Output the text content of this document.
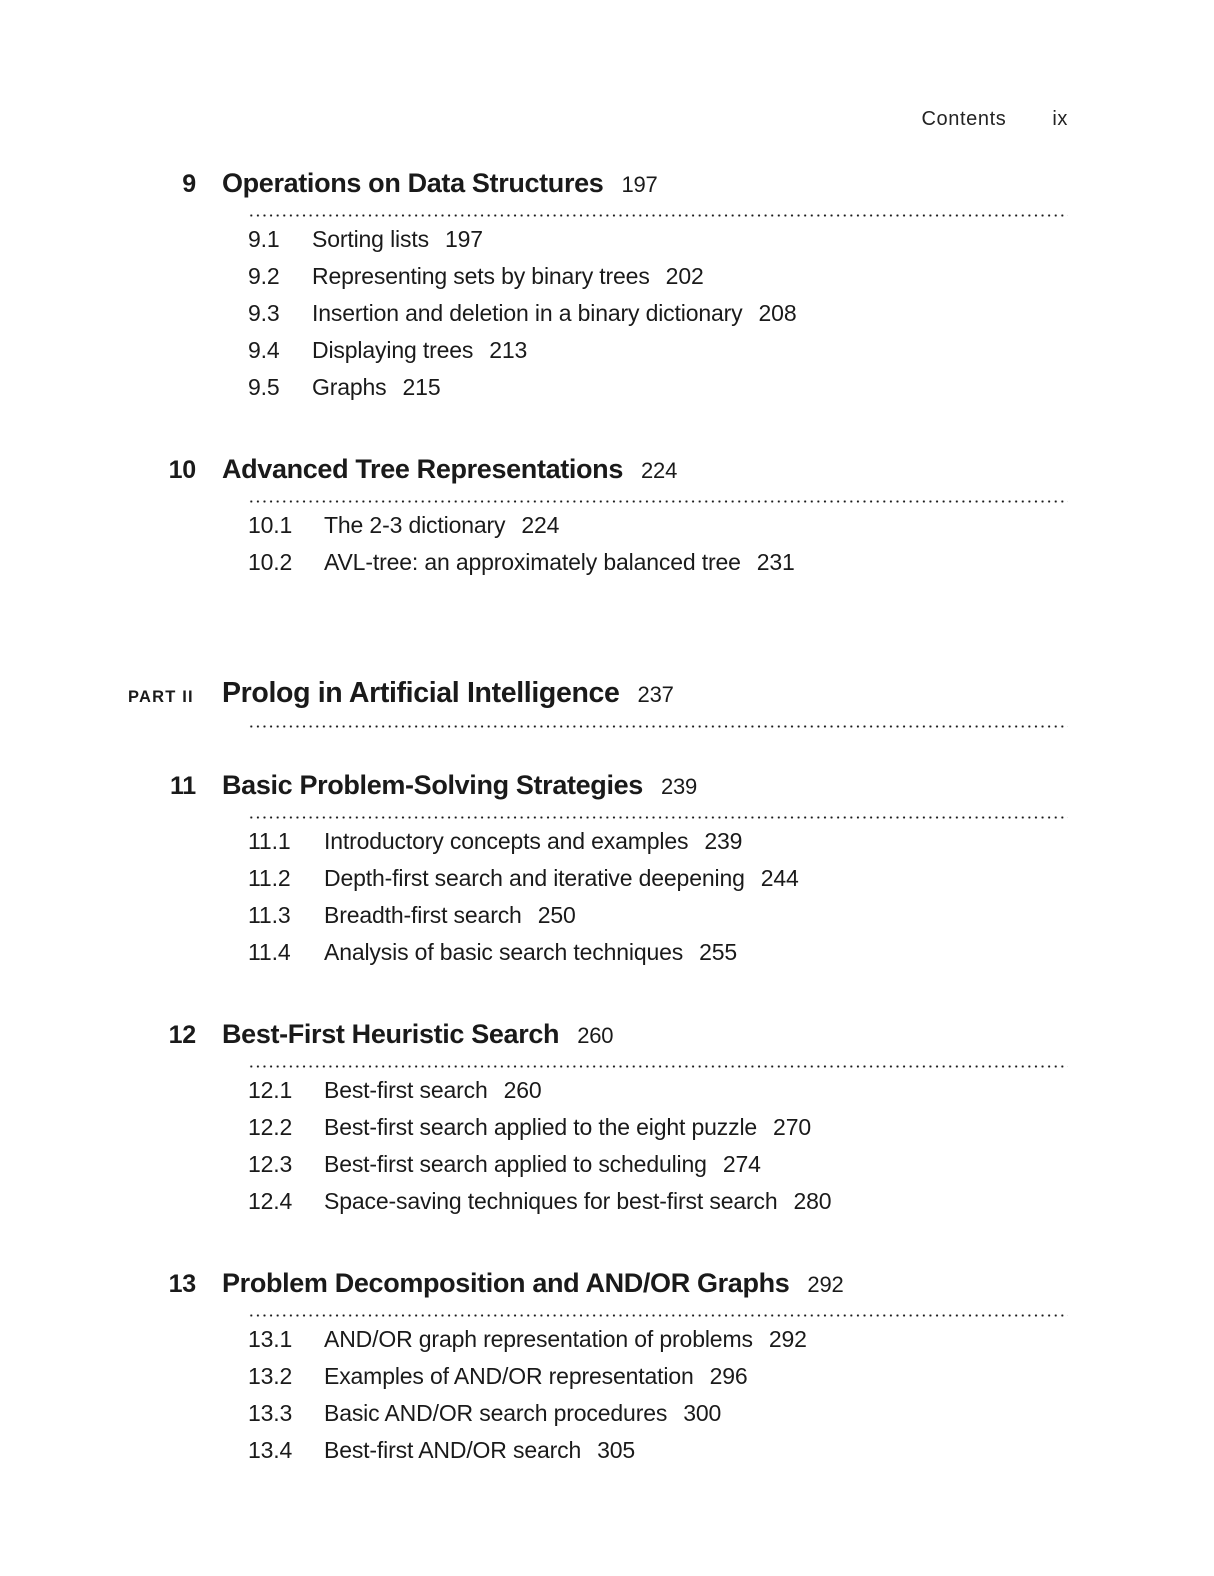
Contents ix
9 Operations on Data Structures 197
9.1	Sorting lists 197
9.2	Representing sets by binary trees 202
9.3	Insertion and deletion in a binary dictionary 208
9.4	Displaying trees 213
9.5	Graphs 215
10 Advanced Tree Representations 224
10.1	The 2-3 dictionary 224
10.2	AVL-tree: an approximately balanced tree 231
PART II Prolog in Artificial Intelligence 237
11 Basic Problem-Solving Strategies 239
11.1	Introductory concepts and examples 239
11.2	Depth-first search and iterative deepening 244
11.3	Breadth-first search 250
11.4	Analysis of basic search techniques 255
12 Best-First Heuristic Search 260
12.1	Best-first search 260
12.2	Best-first search applied to the eight puzzle 270
12.3	Best-first search applied to scheduling 274
12.4	Space-saving techniques for best-first search 280
13 Problem Decomposition and AND/OR Graphs 292
13.1	AND/OR graph representation of problems 292
13.2	Examples of AND/OR representation 296
13.3	Basic AND/OR search procedures 300
13.4	Best-first AND/OR search 305
